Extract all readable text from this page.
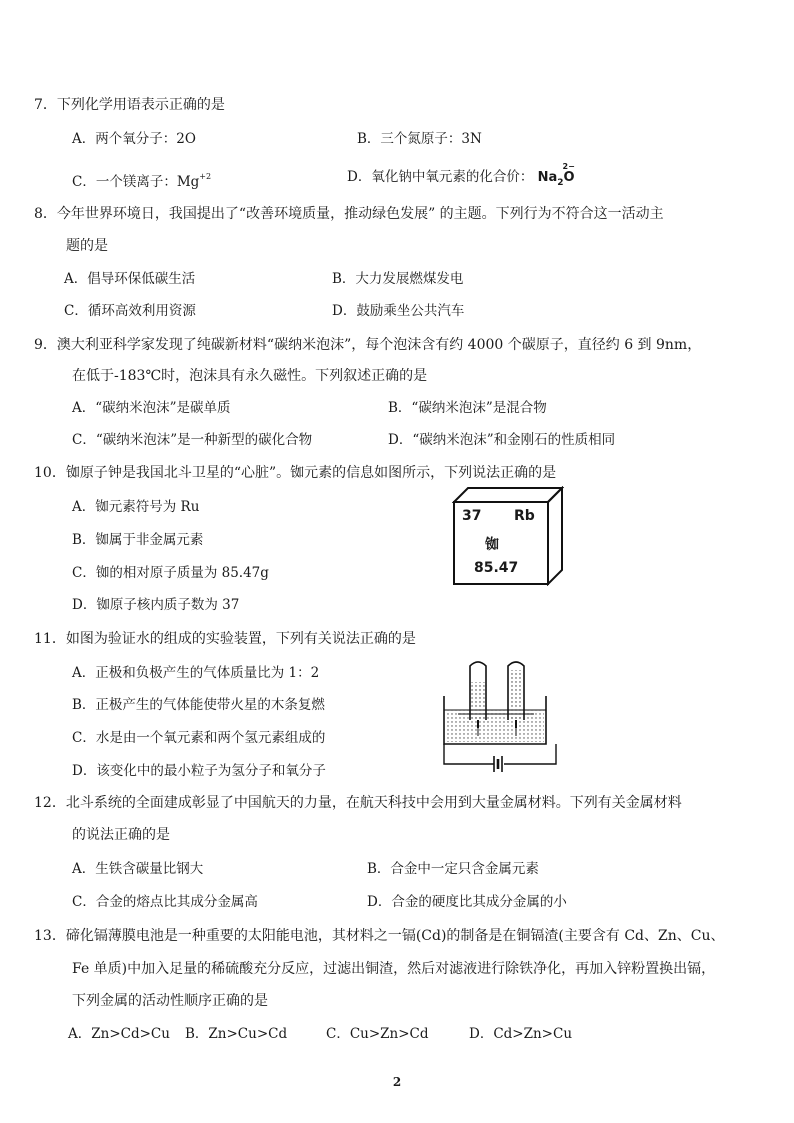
7．下列化学用语表示正确的是
A．两个氧分子：2O	B．三个氮原子：3N
C．一个镁离子：$Mg^{+2}$	D．氧化钠中氧元素的化合价： $Na_2O$
2−
8．今年世界环境日，我国提出了“改善环境质量，推动绿色发展” 的主题。下列行为不符合这一活动主
题的是
A．倡导环保低碳生活	B．大力发展燃煤发电
C．循环高效利用资源	D．鼓励乘坐公共汽车
9．澳大利亚科学家发现了纯碳新材料“碳纳米泡沫”，每个泡沫含有约 4000 个碳原子，直径约 6 到 9nm，
在低于-183℃时，泡沫具有永久磁性。下列叙述正确的是
A．“碳纳米泡沫”是碳单质	B．“碳纳米泡沫”是混合物
C．“碳纳米泡沫”是一种新型的碳化合物	D．“碳纳米泡沫”和金刚石的性质相同
10．铷原子钟是我国北斗卫星的“心脏”。铷元素的信息如图所示，下列说法正确的是
A．铷元素符号为 Ru
B．铷属于非金属元素
C．铷的相对原子质量为 85.47g
D．铷原子核内质子数为 37
37 Rb
铷
85.47
11．如图为验证水的组成的实验装置，下列有关说法正确的是
A．正极和负极产生的气体质量比为 1：2
B．正极产生的气体能使带火星的木条复燃
C．水是由一个氧元素和两个氢元素组成的
D．该变化中的最小粒子为氢分子和氧分子
12．北斗系统的全面建成彰显了中国航天的力量，在航天科技中会用到大量金属材料。下列有关金属材料
的说法正确的是
A．生铁含碳量比钢大	B．合金中一定只含金属元素
C．合金的熔点比其成分金属高	D．合金的硬度比其成分金属的小
13．碲化镉薄膜电池是一种重要的太阳能电池，其材料之一镉(Cd)的制备是在铜镉渣(主要含有 Cd、Zn、Cu、
Fe 单质)中加入足量的稀硫酸充分反应，过滤出铜渣，然后对滤液进行除铁净化，再加入锌粉置换出镉，
下列金属的活动性顺序正确的是
A．Zn>Cd>Cu B．Zn>Cu>Cd	C．Cu>Zn>Cd	D．Cd>Zn>Cu
2
